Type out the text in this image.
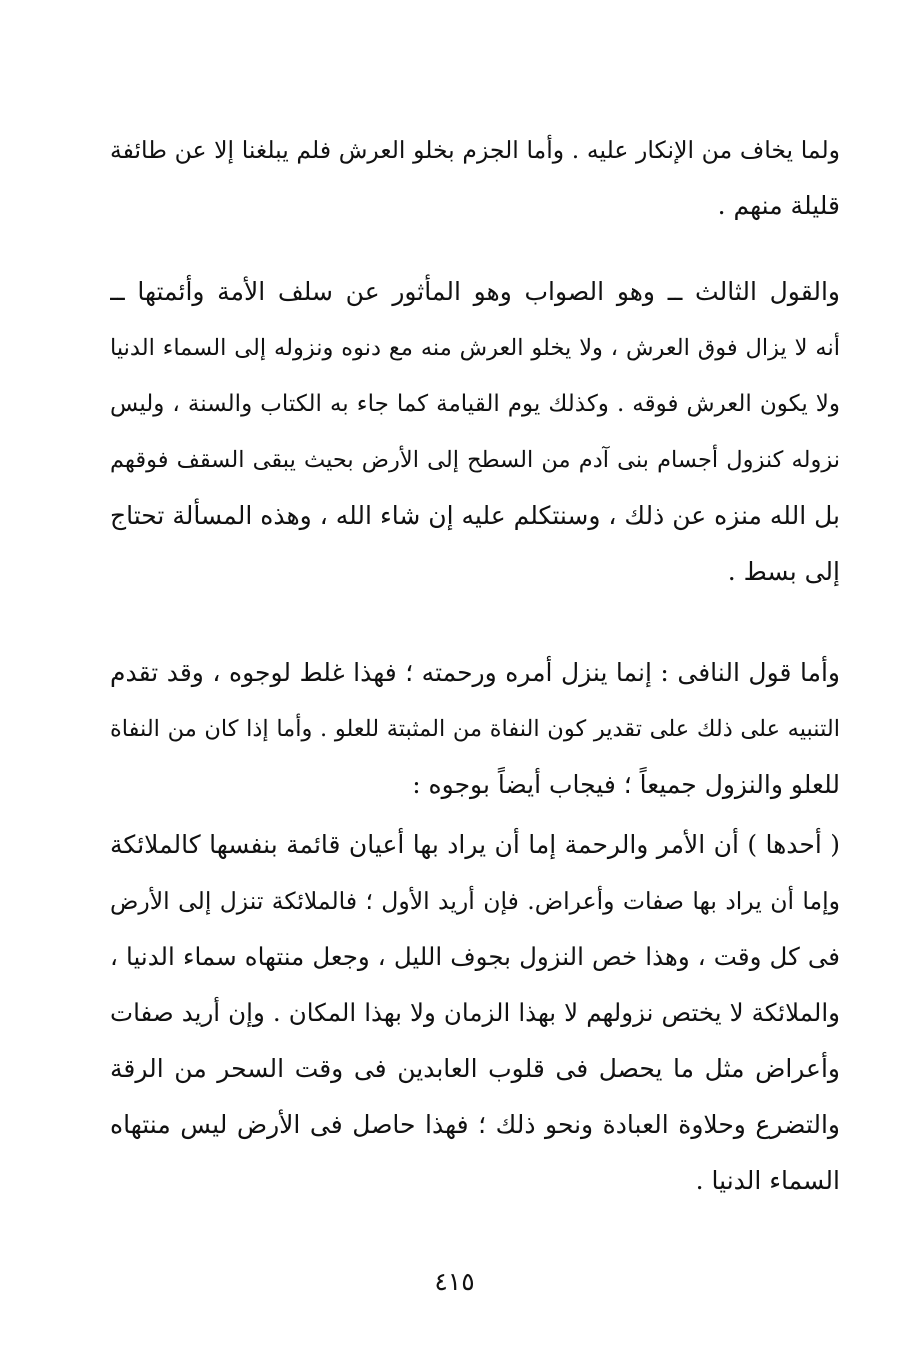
ولما يخاف من الإنكار عليه . وأما الجزم بخلو العرش فلم يبلغنا إلا عن طائفة
قليلة منهم .
والقول الثالث ــ وهو الصواب وهو المأثور عن سلف الأمة وأئمتها ــ
أنه لا يزال فوق العرش ، ولا يخلو العرش منه مع دنوه ونزوله إلى السماء الدنيا
ولا يكون العرش فوقه . وكذلك يوم القيامة كما جاء به الكتاب والسنة ، وليس
نزوله كنزول أجسام بنى آدم من السطح إلى الأرض بحيث يبقى السقف فوقهم
بل الله منزه عن ذلك ، وسنتكلم عليه إن شاء الله ، وهذه المسألة تحتاج
إلى بسط .
وأما قول النافى : إنما ينزل أمره ورحمته ؛ فهذا غلط لوجوه ، وقد تقدم
التنبيه على ذلك على تقدير كون النفاة من المثبتة للعلو . وأما إذا كان من النفاة
للعلو والنزول جميعاً ؛ فيجاب أيضاً بوجوه :
( أحدها ) أن الأمر والرحمة إما أن يراد بها أعيان قائمة بنفسها كالملائكة
وإما أن يراد بها صفات وأعراض. فإن أريد الأول ؛ فالملائكة تنزل إلى الأرض
فى كل وقت ، وهذا خص النزول بجوف الليل ، وجعل منتهاه سماء الدنيا ،
والملائكة لا يختص نزولهم لا بهذا الزمان ولا بهذا المكان . وإن أريد صفات
وأعراض مثل ما يحصل فى قلوب العابدين فى وقت السحر من الرقة
والتضرع وحلاوة العبادة ونحو ذلك ؛ فهذا حاصل فى الأرض ليس منتهاه
السماء الدنيا .
٤١٥
